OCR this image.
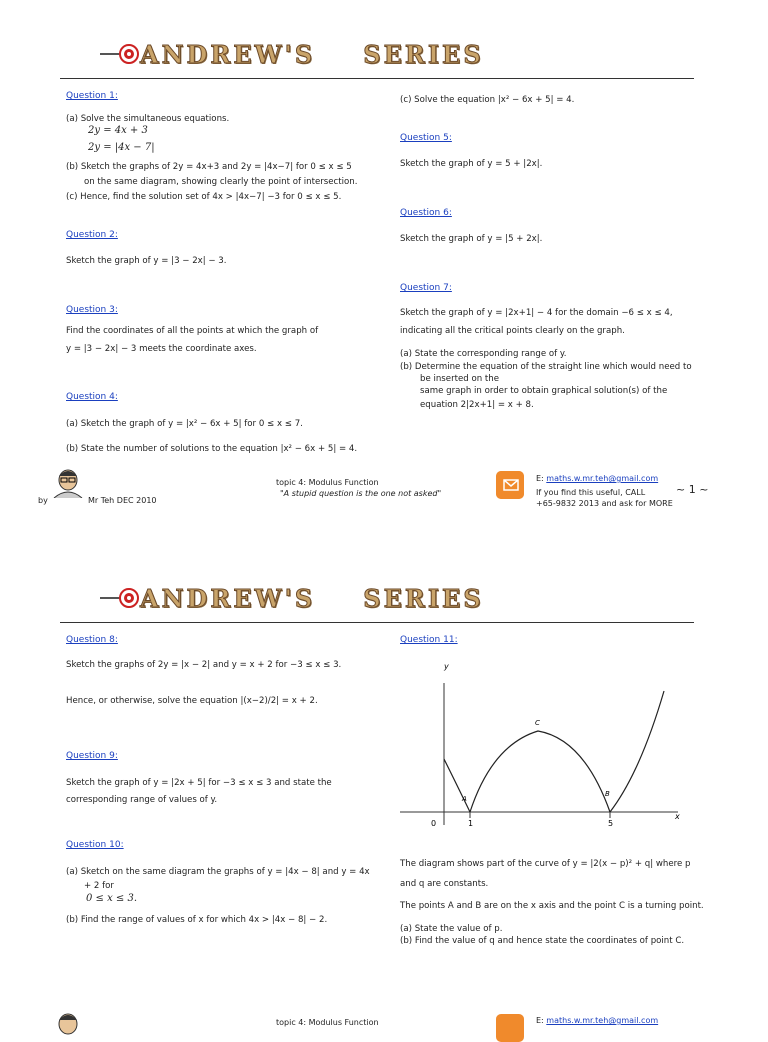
ANDREW'S SERIES
Question 1:
(a) Solve the simultaneous equations.
2y = 4x + 3
2y = |4x − 7|
(b) Sketch the graphs of 2y = 4x+3 and 2y = |4x−7| for 0 ≤ x ≤ 5
on the same diagram, showing clearly the point of intersection.
(c) Hence, find the solution set of 4x > |4x−7| −3 for 0 ≤ x ≤ 5.
Question 2:
Sketch the graph of y = |3 − 2x| − 3.
Question 3:
Find the coordinates of all the points at which the graph of
y = |3 − 2x| − 3 meets the coordinate axes.
Question 4:
(a) Sketch the graph of y = |x² − 6x + 5| for 0 ≤ x ≤ 7.
(b) State the number of solutions to the equation |x² − 6x + 5| = 4.
(c) Solve the equation |x² − 6x + 5| = 4.
Question 5:
Sketch the graph of y = 5 + |2x|.
Question 6:
Sketch the graph of y = |5 + 2x|.
Question 7:
Sketch the graph of y = |2x+1| − 4 for the domain −6 ≤ x ≤ 4,
indicating all the critical points clearly on the graph.
(a) State the corresponding range of y.
(b) Determine the equation of the straight line which would need to
be inserted on the
same graph in order to obtain graphical solution(s) of the
equation 2|2x+1| = x + 8.
by	Mr Teh DEC 2010
topic 4: Modulus Function
"A stupid question is the one not asked"
E: maths.w.mr.teh@gmail.com
If you find this useful, CALL
+65-9832 2013 and ask for MORE
~ 1 ~
ANDREW'S SERIES
Question 8:
Sketch the graphs of 2y = |x − 2| and y = x + 2 for −3 ≤ x ≤ 3.
Hence, or otherwise, solve the equation |(x−2)/2| = x + 2.
Question 9:
Sketch the graph of y = |2x + 5| for −3 ≤ x ≤ 3 and state the
corresponding range of values of y.
Question 10:
(a) Sketch on the same diagram the graphs of y = |4x − 8| and y = 4x
+ 2 for
0 ≤ x ≤ 3.
(b) Find the range of values of x for which 4x > |4x − 8| − 2.
Question 11:
y
x
0	1	5
A
B
C
The diagram shows part of the curve of y = |2(x − p)² + q| where p
and q are constants.
The points A and B are on the x axis and the point C is a turning point.
(a) State the value of p.
(b) Find the value of q and hence state the coordinates of point C.
topic 4: Modulus Function	E: maths.w.mr.teh@gmail.com
